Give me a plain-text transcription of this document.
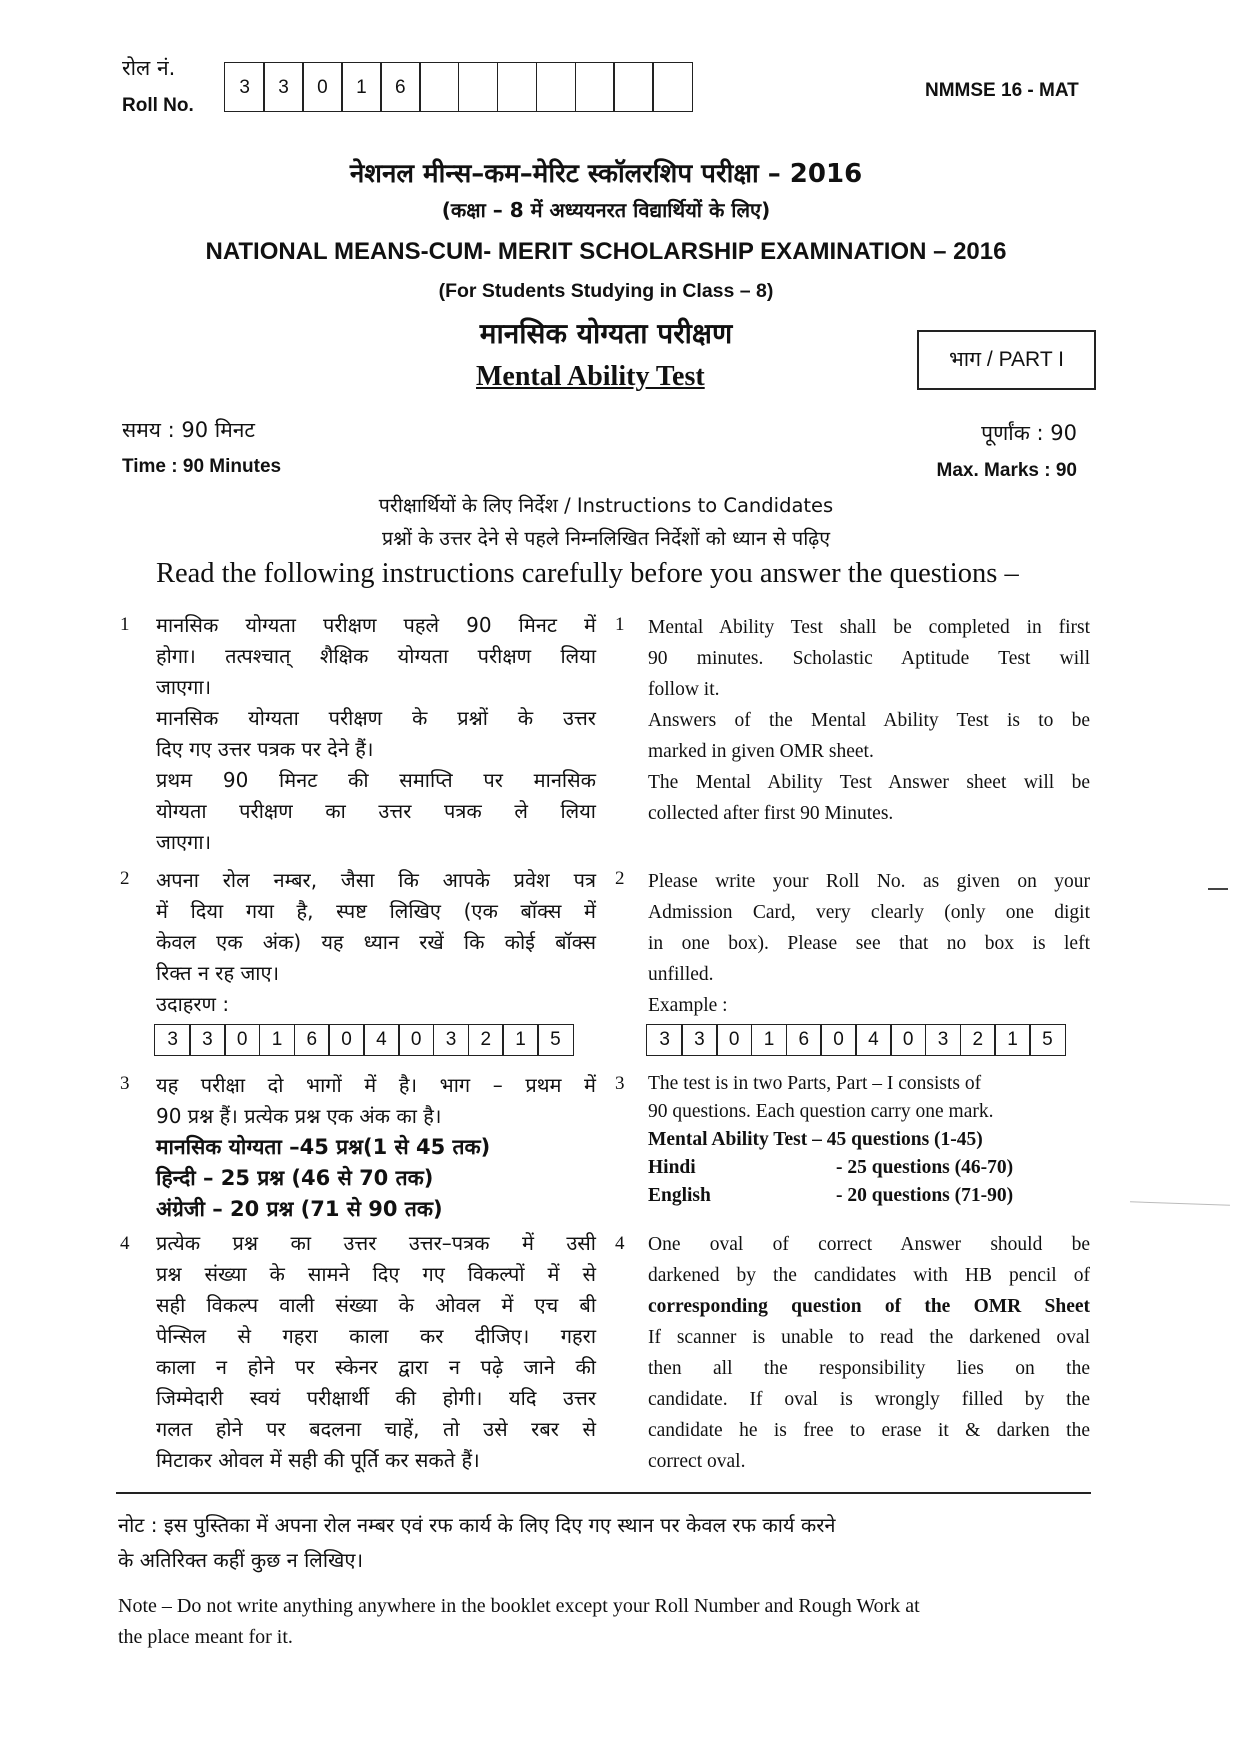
रोल नं.
Roll No.
3	3	0	1	6	NMMSE 16 - MAT
नेशनल मीन्स–कम–मेरिट स्कॉलरशिप परीक्षा – 2016
(कक्षा – 8 में अध्ययनरत विद्यार्थियों के लिए)
NATIONAL MEANS-CUM- MERIT SCHOLARSHIP EXAMINATION – 2016
(For Students Studying in Class – 8)
मानसिक योग्यता परीक्षण
Mental Ability Test
भाग / PART I
समय : 90 मिनट
Time : 90 Minutes
पूर्णांक : 90
Max. Marks : 90
परीक्षार्थियों के लिए निर्देश / Instructions to Candidates
प्रश्नों के उत्तर देने से पहले निम्नलिखित निर्देशों को ध्यान से पढ़िए
Read the following instructions carefully before you answer the questions –
1 मानसिक योग्यता परीक्षण पहले 90 मिनट में
होगा। तत्पश्चात् शैक्षिक योग्यता परीक्षण लिया
जाएगा।
मानसिक योग्यता परीक्षण के प्रश्नों के उत्तर
दिए गए उत्तर पत्रक पर देने हैं।
प्रथम 90 मिनट की समाप्ति पर मानसिक
योग्यता परीक्षण का उत्तर पत्रक ले लिया
जाएगा।
1 Mental Ability Test shall be completed in first
90 minutes. Scholastic Aptitude Test will
follow it.
Answers of the Mental Ability Test is to be
marked in given OMR sheet.
The Mental Ability Test Answer sheet will be
collected after first 90 Minutes.
2 अपना रोल नम्बर, जैसा कि आपके प्रवेश पत्र
में दिया गया है, स्पष्ट लिखिए (एक बॉक्स में
केवल एक अंक) यह ध्यान रखें कि कोई बॉक्स
रिक्त न रह जाए।
उदाहरण :
3	3	0	1	6	0	4	0	3	2	1	5
2 Please write your Roll No. as given on your
Admission Card, very clearly (only one digit
in one box). Please see that no box is left
unfilled.
Example :
3	3	0	1	6	0	4	0	3	2	1	5
3 यह परीक्षा दो भागों में है। भाग – प्रथम में
90 प्रश्न हैं। प्रत्येक प्रश्न एक अंक का है।
मानसिक योग्यता –45 प्रश्न(1 से 45 तक)
हिन्दी – 25 प्रश्न (46 से 70 तक)
अंग्रेजी – 20 प्रश्न (71 से 90 तक)
3 The test is in two Parts, Part – I consists of
90 questions. Each question carry one mark.
Mental Ability Test – 45 questions (1-45)
Hindi	- 25 questions (46-70)
English	- 20 questions (71-90)
4 प्रत्येक प्रश्न का उत्तर उत्तर–पत्रक में उसी
प्रश्न संख्या के सामने दिए गए विकल्पों में से
सही विकल्प वाली संख्या के ओवल में एच बी
पेन्सिल से गहरा काला कर दीजिए। गहरा
काला न होने पर स्केनर द्वारा न पढ़े जाने की
जिम्मेदारी स्वयं परीक्षार्थी की होगी। यदि उत्तर
गलत होने पर बदलना चाहें, तो उसे रबर से
मिटाकर ओवल में सही की पूर्ति कर सकते हैं।
4 One oval of correct Answer should be
darkened by the candidates with HB pencil of
corresponding question of the OMR Sheet
If scanner is unable to read the darkened oval
then all the responsibility lies on the
candidate. If oval is wrongly filled by the
candidate he is free to erase it & darken the
correct oval.
नोट : इस पुस्तिका में अपना रोल नम्बर एवं रफ कार्य के लिए दिए गए स्थान पर केवल रफ कार्य करने
के अतिरिक्त कहीं कुछ न लिखिए।
Note – Do not write anything anywhere in the booklet except your Roll Number and Rough Work at
the place meant for it.
